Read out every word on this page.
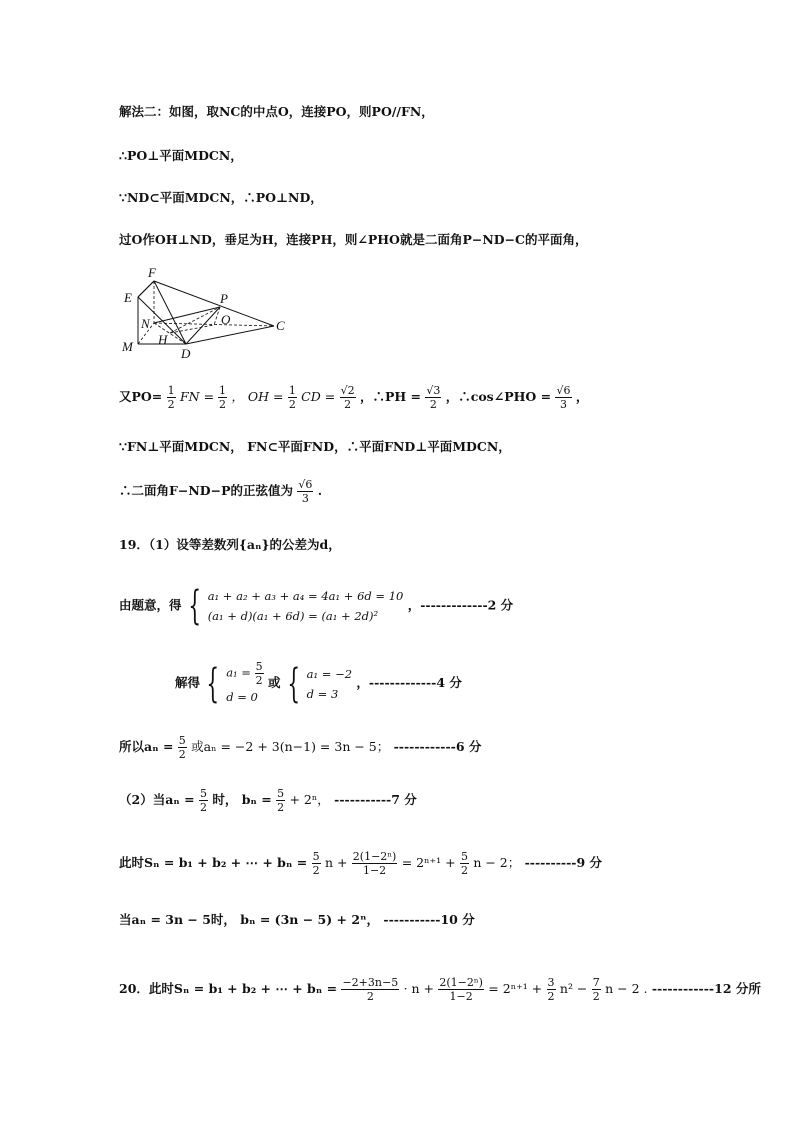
解法二：如图，取NC的中点O，连接PO，则PO//FN，
∴PO⊥平面MDCN，
∵ND⊂平面MDCN，∴PO⊥ND，
过O作OH⊥ND，垂足为H，连接PH，则∠PHO就是二面角P−ND−C的平面角，
F
E	P
N	O	C
M H
D
又$PO= \frac{1}{2}$ FN = $\frac{1}{2}$ ， OH = $\frac{1}{2}$ CD = $\frac{√2}{2}$ ，∴PH = $\frac{√3}{2}$ ，∴cos∠PHO = $\frac{√6}{3}$ ，
∵FN⊥平面MDCN， FN⊂平面FND，∴平面FND⊥平面MDCN，
∴二面角F−ND−P的正弦值为 $\frac{√6}{3}$ .
19．（1）设等差数列{aₙ}的公差为d，
由题意，得 { a₁ + a₂ + a₃ + a₄ = 4a₁ + 6d = 10
(a₁ + d)(a₁ + 6d) = (a₁ + 2d)² ，-------------2 分
解得 { $a_1 = \frac{5}{2}$

d = 0 或 { a₁ = −2
d = 3 ，-------------4 分
所以$a_n = \frac{5}{2}$ 或aₙ = −2 + 3(n−1) = 3n − 5； ------------6 分
（2）当$a_n = \frac{5}{2}$ 时， $b_n = \frac{5}{2} + 2^n$， -----------7 分
此时Sₙ = b₁ + b₂ + ⋯ + $b_n = \frac{5}{2}$ $n + \frac{\text{2(1−2ⁿ)}}{1-2} = 2^{n+1} + \frac{5}{2}$ n − 2； ----------9 分
当aₙ = 3n − 5时， bₙ = (3n − 5) + 2ⁿ， -----------10 分
20．此时Sₙ = b₁ + b₂ + ⋯ + $b_n = \frac{-2+3n-5}{2} \cdot n + \frac{\text{2(1−2ⁿ)}}{1-2} = 2^{n+1} + \frac{3}{2} n^2 - \frac{7}{2}$ n − 2 . ------------12 分所
